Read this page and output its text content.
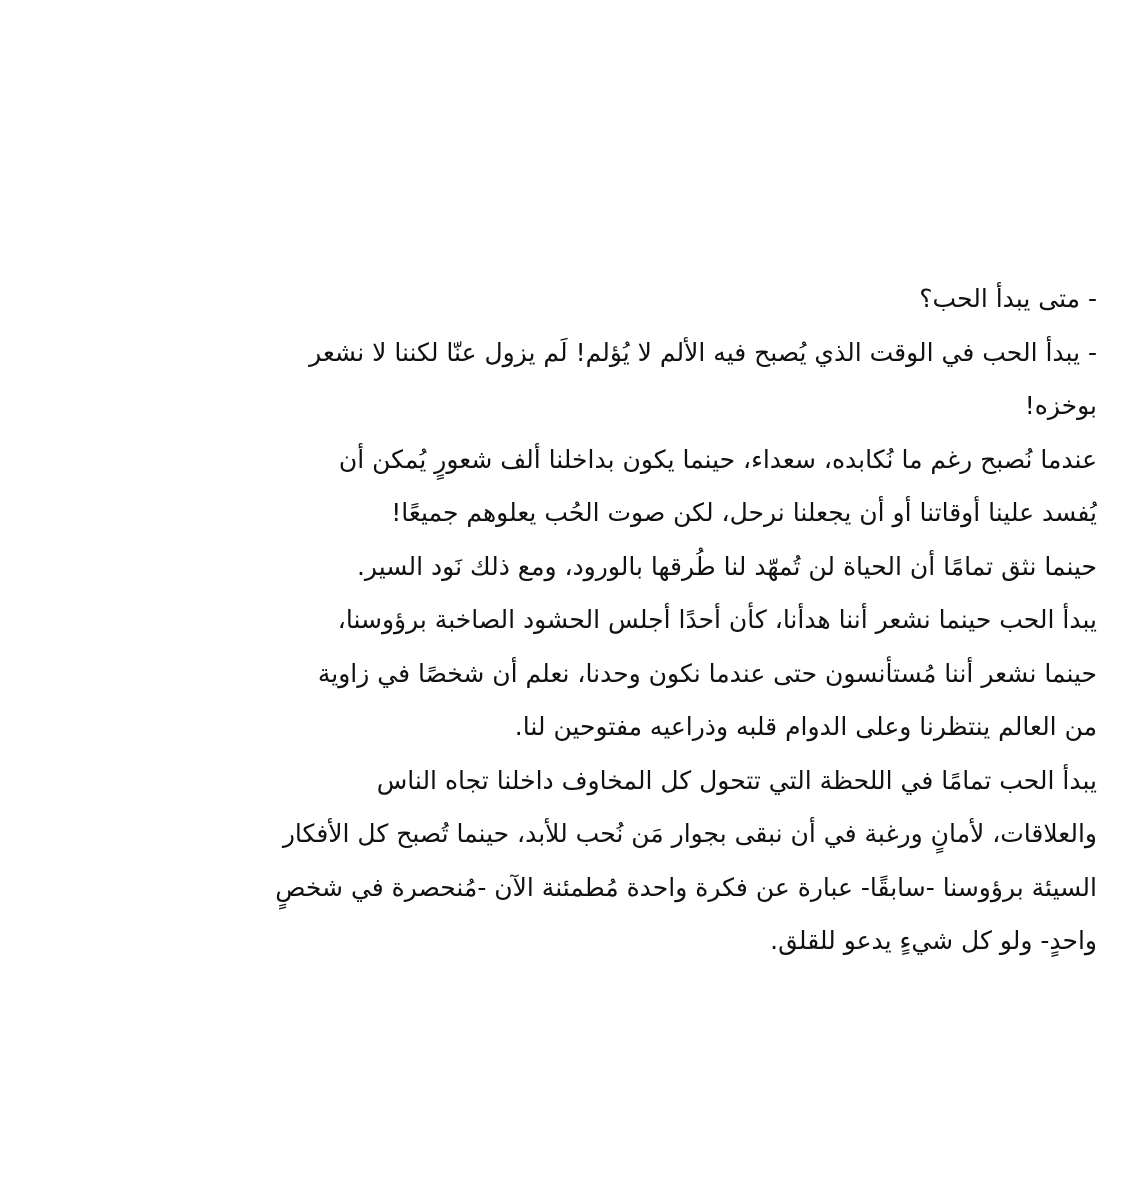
- متى يبدأ الحب؟
- يبدأ الحب في الوقت الذي يُصبح فيه الألم لا يُؤلم! لَم يزول عنّا لكننا لا نشعر
بوخزه!
عندما نُصبح رغم ما نُكابده، سعداء، حينما يكون بداخلنا ألف شعورٍ يُمكن أن
يُفسد علينا أوقاتنا أو أن يجعلنا نرحل، لكن صوت الحُب يعلوهم جميعًا!
حينما نثق تمامًا أن الحياة لن تُمهّد لنا طُرقها بالورود، ومع ذلك نَود السير.
يبدأ الحب حينما نشعر أننا هدأنا، كأن أحدًا أجلس الحشود الصاخبة برؤوسنا،
حينما نشعر أننا مُستأنسون حتى عندما نكون وحدنا، نعلم أن شخصًا في زاوية
من العالم ينتظرنا وعلى الدوام قلبه وذراعيه مفتوحين لنا.
يبدأ الحب تمامًا في اللحظة التي تتحول كل المخاوف داخلنا تجاه الناس
والعلاقات، لأمانٍ ورغبة في أن نبقى بجوار مَن نُحب للأبد، حينما تُصبح كل الأفكار
السيئة برؤوسنا -سابقًا- عبارة عن فكرة واحدة مُطمئنة الآن -مُنحصرة في شخصٍ
واحدٍ- ولو كل شيءٍ يدعو للقلق.
